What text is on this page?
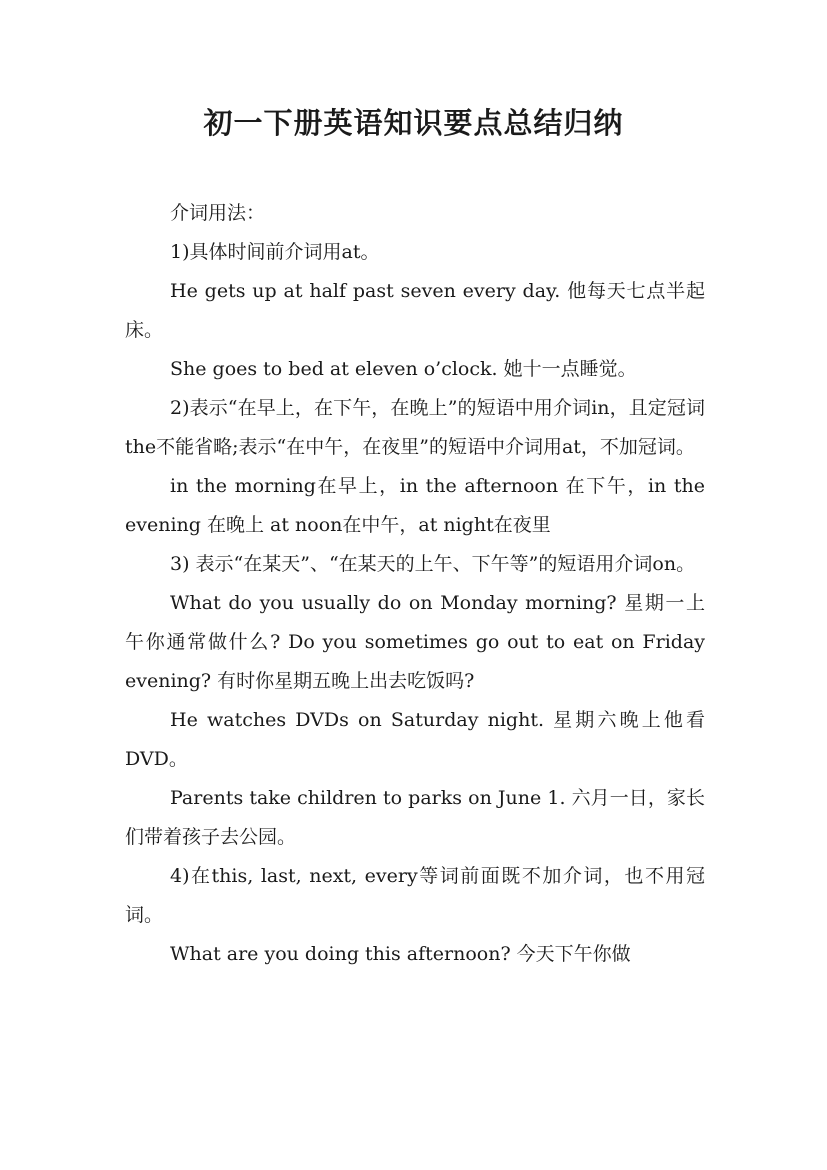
初一下册英语知识要点总结归纳

介词用法：

1)具体时间前介词用at。

He gets up at half past seven every day. 他每天七点半起床。

She goes to bed at eleven o’clock. 她十一点睡觉。

2)表示“在早上，在下午，在晚上”的短语中用介词in，且定冠词the不能省略;表示“在中午，在夜里”的短语中介词用at，不加冠词。

in the morning在早上，in the afternoon 在下午，in the evening 在晚上 at noon在中午，at night在夜里

3) 表示“在某天”、“在某天的上午、下午等”的短语用介词on。

What do you usually do on Monday morning? 星期一上午你通常做什么? Do you sometimes go out to eat on Friday evening? 有时你星期五晚上出去吃饭吗?

He watches DVDs on Saturday night. 星期六晚上他看DVD。

Parents take children to parks on June 1. 六月一日，家长们带着孩子去公园。

4)在this, last, next, every等词前面既不加介词，也不用冠词。

What are you doing this afternoon? 今天下午你做
